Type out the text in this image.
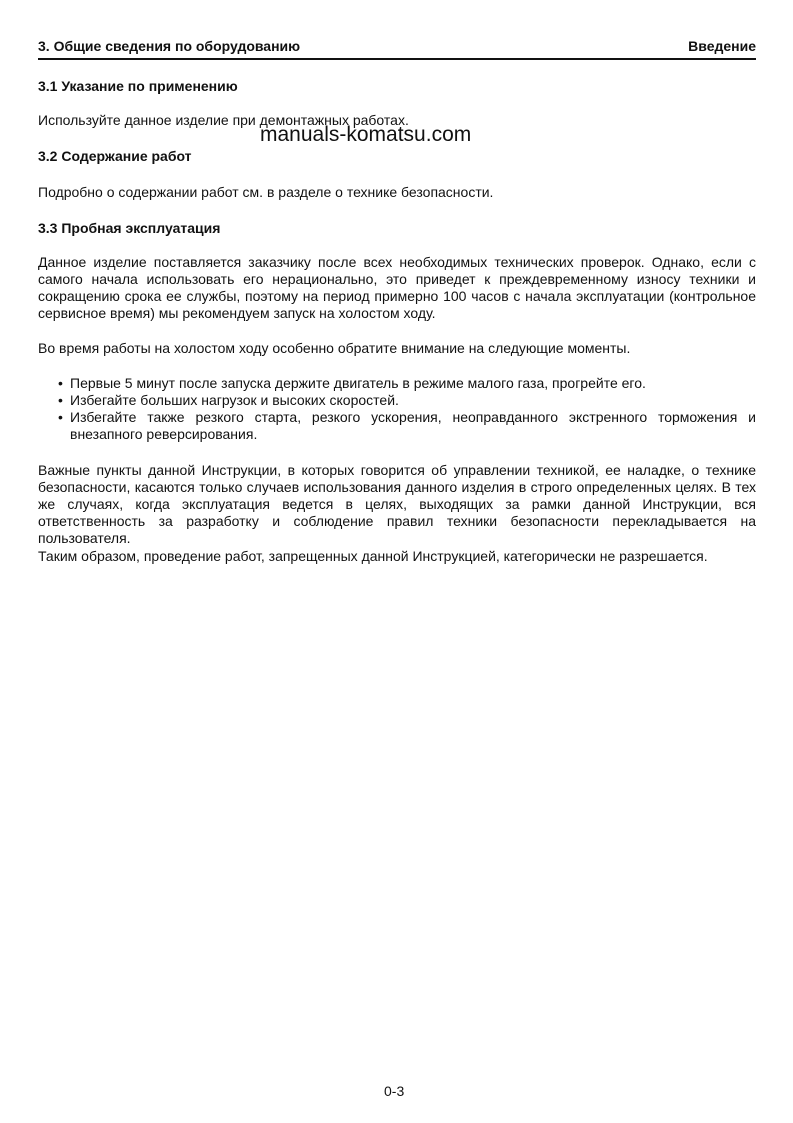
3. Общие сведения по оборудованию	Введение
3.1 Указание по применению

Используйте данное изделие при демонтажных работах.

3.2 Содержание работ

Подробно о содержании работ см. в разделе о технике безопасности.

3.3 Пробная эксплуатация

Данное изделие поставляется заказчику после всех необходимых технических проверок. Однако, если с самого начала использовать его нерационально, это приведет к преждевременному износу техники и сокращению срока ее службы, поэтому на период примерно 100 часов с начала эксплуатации (контрольное сервисное время) мы рекомендуем запуск на холостом ходу.

Во время работы на холостом ходу особенно обратите внимание на следующие моменты.

• Первые 5 минут после запуска держите двигатель в режиме малого газа, прогрейте его.
• Избегайте больших нагрузок и высоких скоростей.
• Избегайте также резкого старта, резкого ускорения, неоправданного экстренного торможения и внезапного реверсирования.

Важные пункты данной Инструкции, в которых говорится об управлении техникой, ее наладке, о технике безопасности, касаются только случаев использования данного изделия в строго определенных целях. В тех же случаях, когда эксплуатация ведется в целях, выходящих за рамки данной Инструкции, вся ответственность за разработку и соблюдение правил техники безопасности перекладывается на пользователя.

Таким образом, проведение работ, запрещенных данной Инструкцией, категорически не разрешается.

manuals-komatsu.com
0-3
